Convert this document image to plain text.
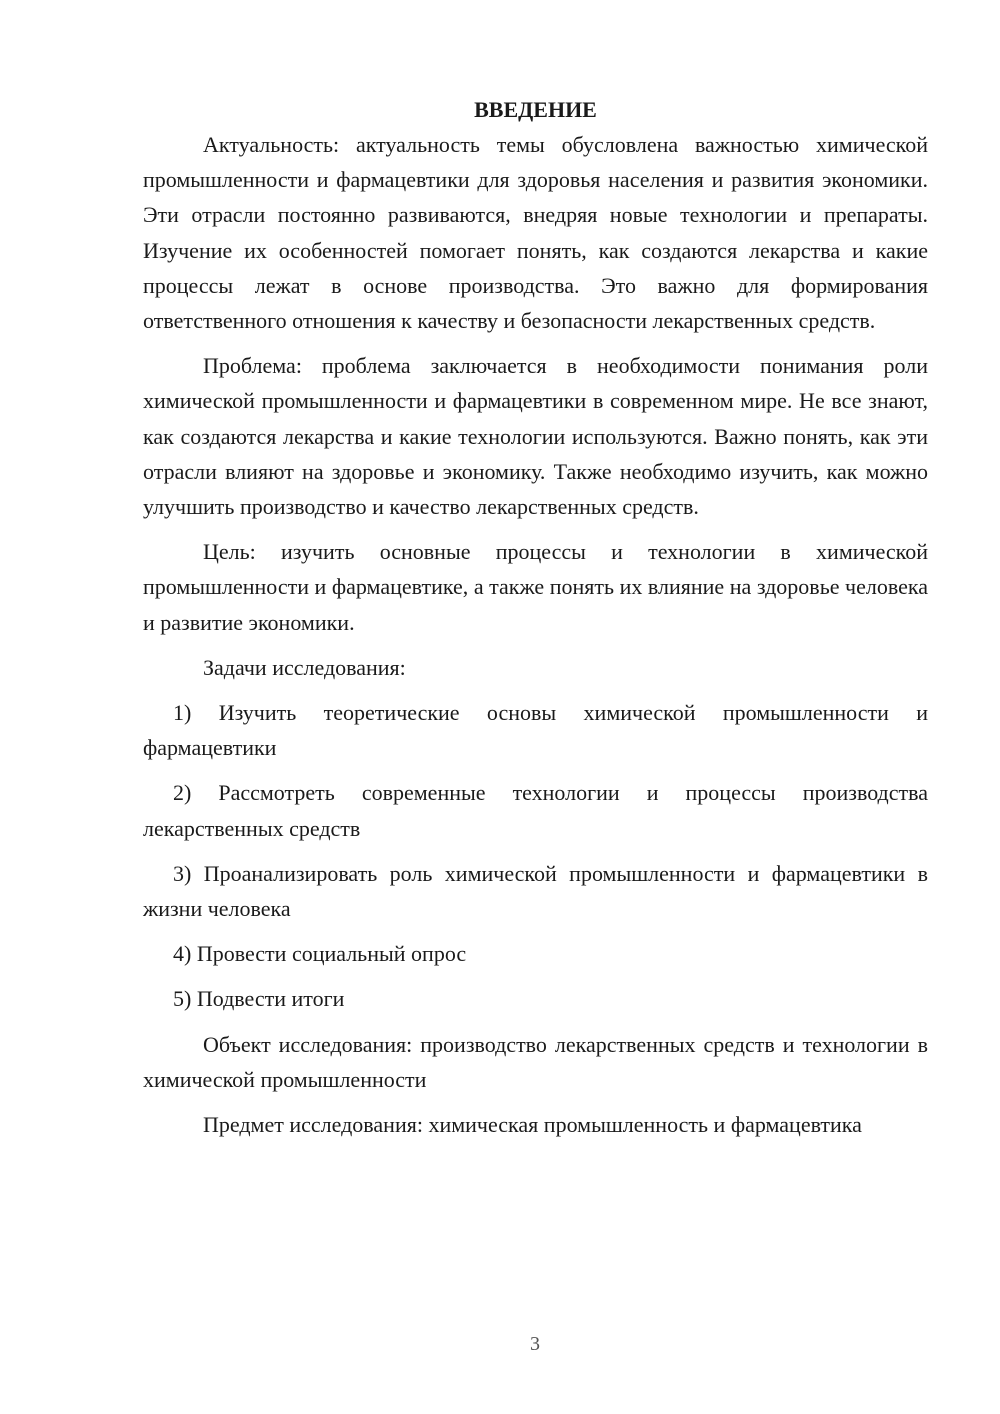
ВВЕДЕНИЕ

Актуальность: актуальность темы обусловлена важностью химической промышленности и фармацевтики для здоровья населения и развития экономики. Эти отрасли постоянно развиваются, внедряя новые технологии и препараты. Изучение их особенностей помогает понять, как создаются лекарства и какие процессы лежат в основе производства. Это важно для формирования ответственного отношения к качеству и безопасности лекарственных средств.

Проблема: проблема заключается в необходимости понимания роли химической промышленности и фармацевтики в современном мире. Не все знают, как создаются лекарства и какие технологии используются. Важно понять, как эти отрасли влияют на здоровье и экономику. Также необходимо изучить, как можно улучшить производство и качество лекарственных средств.

Цель: изучить основные процессы и технологии в химической промышленности и фармацевтике, а также понять их влияние на здоровье человека и развитие экономики.

Задачи исследования:

1) Изучить теоретические основы химической промышленности и фармацевтики

2) Рассмотреть современные технологии и процессы производства лекарственных средств

3) Проанализировать роль химической промышленности и фармацевтики в жизни человека

4) Провести социальный опрос

5) Подвести итоги

Объект исследования: производство лекарственных средств и технологии в химической промышленности

Предмет исследования: химическая промышленность и фармацевтика

3
